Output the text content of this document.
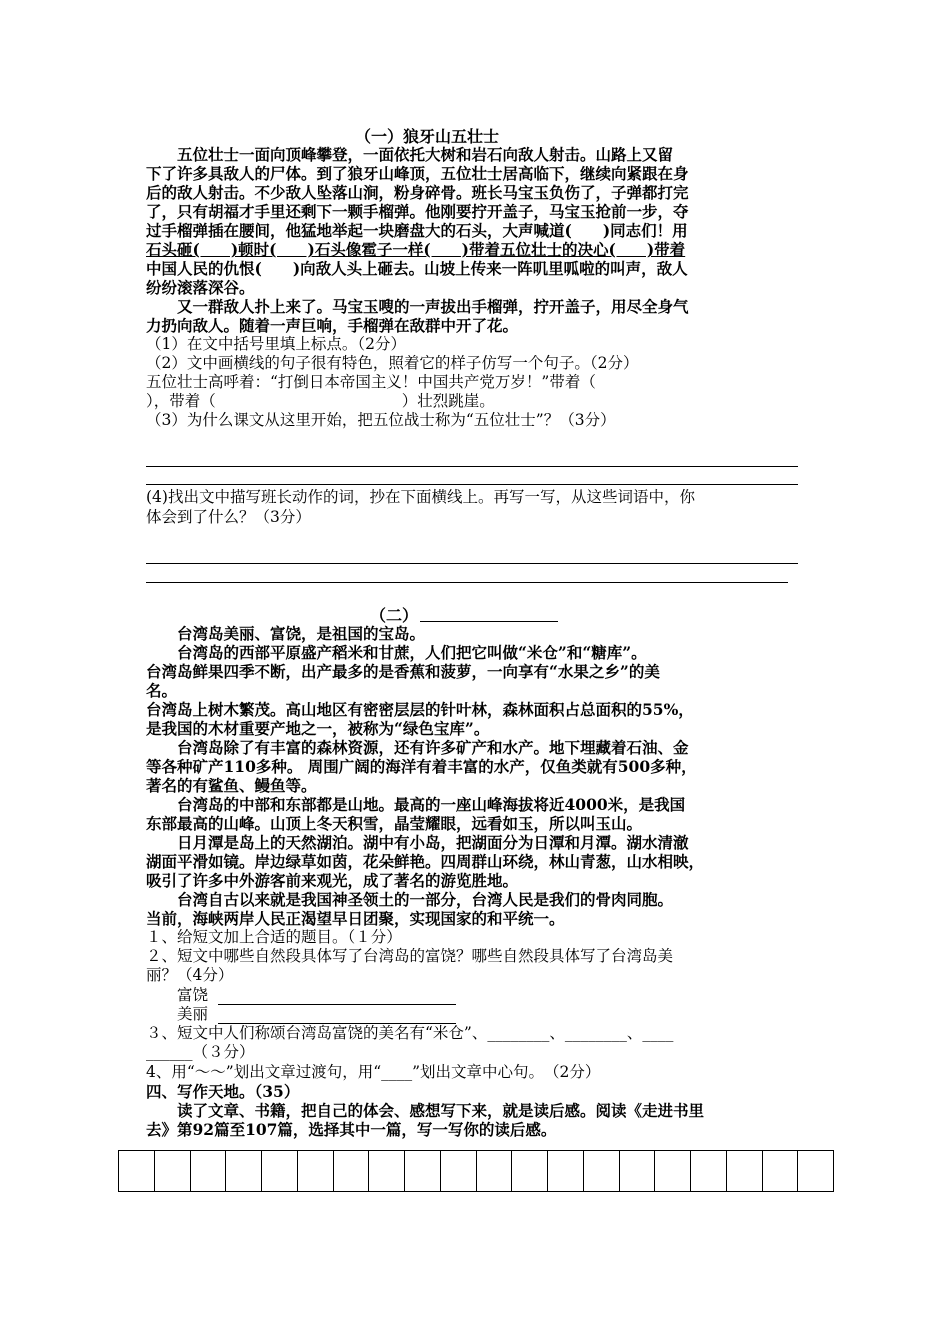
（一）狼牙山五壮士
　　五位壮士一面向顶峰攀登，一面依托大树和岩石向敌人射击。山路上又留
下了许多具敌人的尸体。到了狼牙山峰顶，五位壮士居高临下，继续向紧跟在身
后的敌人射击。不少敌人坠落山涧，粉身碎骨。班长马宝玉负伤了，子弹都打完
了，只有胡福才手里还剩下一颗手榴弹。他刚要拧开盖子，马宝玉抢前一步，夺
过手榴弹插在腰间，他猛地举起一块磨盘大的石头，大声喊道(　　)同志们！用
石头砸(　　)顿时(　　)石头像雹子一样(　　)带着五位壮士的决心(　　)带着
中国人民的仇恨(　　)向敌人头上砸去。山坡上传来一阵叽里呱啦的叫声，敌人
纷纷滚落深谷。
　　又一群敌人扑上来了。马宝玉嗖的一声拔出手榴弹，拧开盖子，用尽全身气
力扔向敌人。随着一声巨响，手榴弹在敌群中开了花。
（1）在文中括号里填上标点。（2分）
（2）文中画横线的句子很有特色，照着它的样子仿写一个句子。（2分）
五位壮士高呼着：“打倒日本帝国主义！中国共产党万岁！”带着（　　　　
），带着（　　　　　　　　　　　　）壮烈跳崖。
（3）为什么课文从这里开始，把五位战士称为“五位壮士”？（3分）
(4)找出文中描写班长动作的词，抄在下面横线上。再写一写，从这些词语中，你
体会到了什么？（3分）
（二）
　　台湾岛美丽、富饶，是祖国的宝岛。
　　台湾岛的西部平原盛产稻米和甘蔗，人们把它叫做“米仓”和“糖库”。
台湾岛鲜果四季不断，出产最多的是香蕉和菠萝，一向享有“水果之乡”的美
名。
台湾岛上树木繁茂。高山地区有密密层层的针叶林，森林面积占总面积的55%，
是我国的木材重要产地之一，被称为“绿色宝库”。
　　台湾岛除了有丰富的森林资源，还有许多矿产和水产。地下埋藏着石油、金
等各种矿产110多种。 周围广阔的海洋有着丰富的水产，仅鱼类就有500多种，
著名的有鲨鱼、鳗鱼等。
　　台湾岛的中部和东部都是山地。最高的一座山峰海拔将近4000米，是我国
东部最高的山峰。山顶上冬天积雪，晶莹耀眼，远看如玉，所以叫玉山。
　　日月潭是岛上的天然湖泊。湖中有小岛，把湖面分为日潭和月潭。湖水清澈
湖面平滑如镜。岸边绿草如茵，花朵鲜艳。四周群山环绕，林山青葱，山水相映，
吸引了许多中外游客前来观光，成了著名的游览胜地。
　　台湾自古以来就是我国神圣领土的一部分，台湾人民是我们的骨肉同胞。
当前，海峡两岸人民正渴望早日团聚，实现国家的和平统一。
１、给短文加上合适的题目。（１分）
２、短文中哪些自然段具体写了台湾岛的富饶？哪些自然段具体写了台湾岛美
丽？（4分）
　　富饶
　　美丽
３、短文中人们称颂台湾岛富饶的美名有“米仓”、________、________、____
______（３分）
4、用“～～”划出文章过渡句，用“____”划出文章中心句。　（2分）
四、写作天地。（35）
　　读了文章、书籍，把自己的体会、感想写下来，就是读后感。阅读《走进书里
去》第92篇至107篇，选择其中一篇，写一写你的读后感。
